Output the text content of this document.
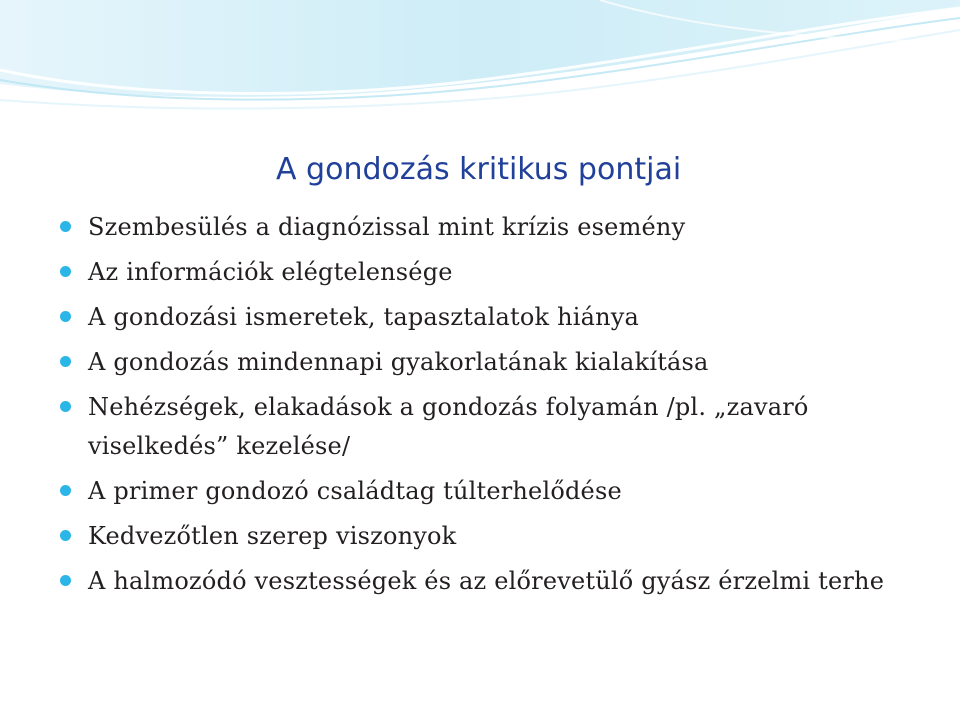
A gondozás kritikus pontjai
Szembesülés a diagnózissal mint krízis esemény
Az információk elégtelensége
A gondozási ismeretek, tapasztalatok hiánya
A gondozás mindennapi gyakorlatának kialakítása
Nehézségek, elakadások a gondozás folyamán /pl. „zavaró viselkedés” kezelése/
A primer gondozó családtag túlterhelődése
Kedvezőtlen szerep viszonyok
A halmozódó vesztességek és az előrevetülő gyász érzelmi terhe
